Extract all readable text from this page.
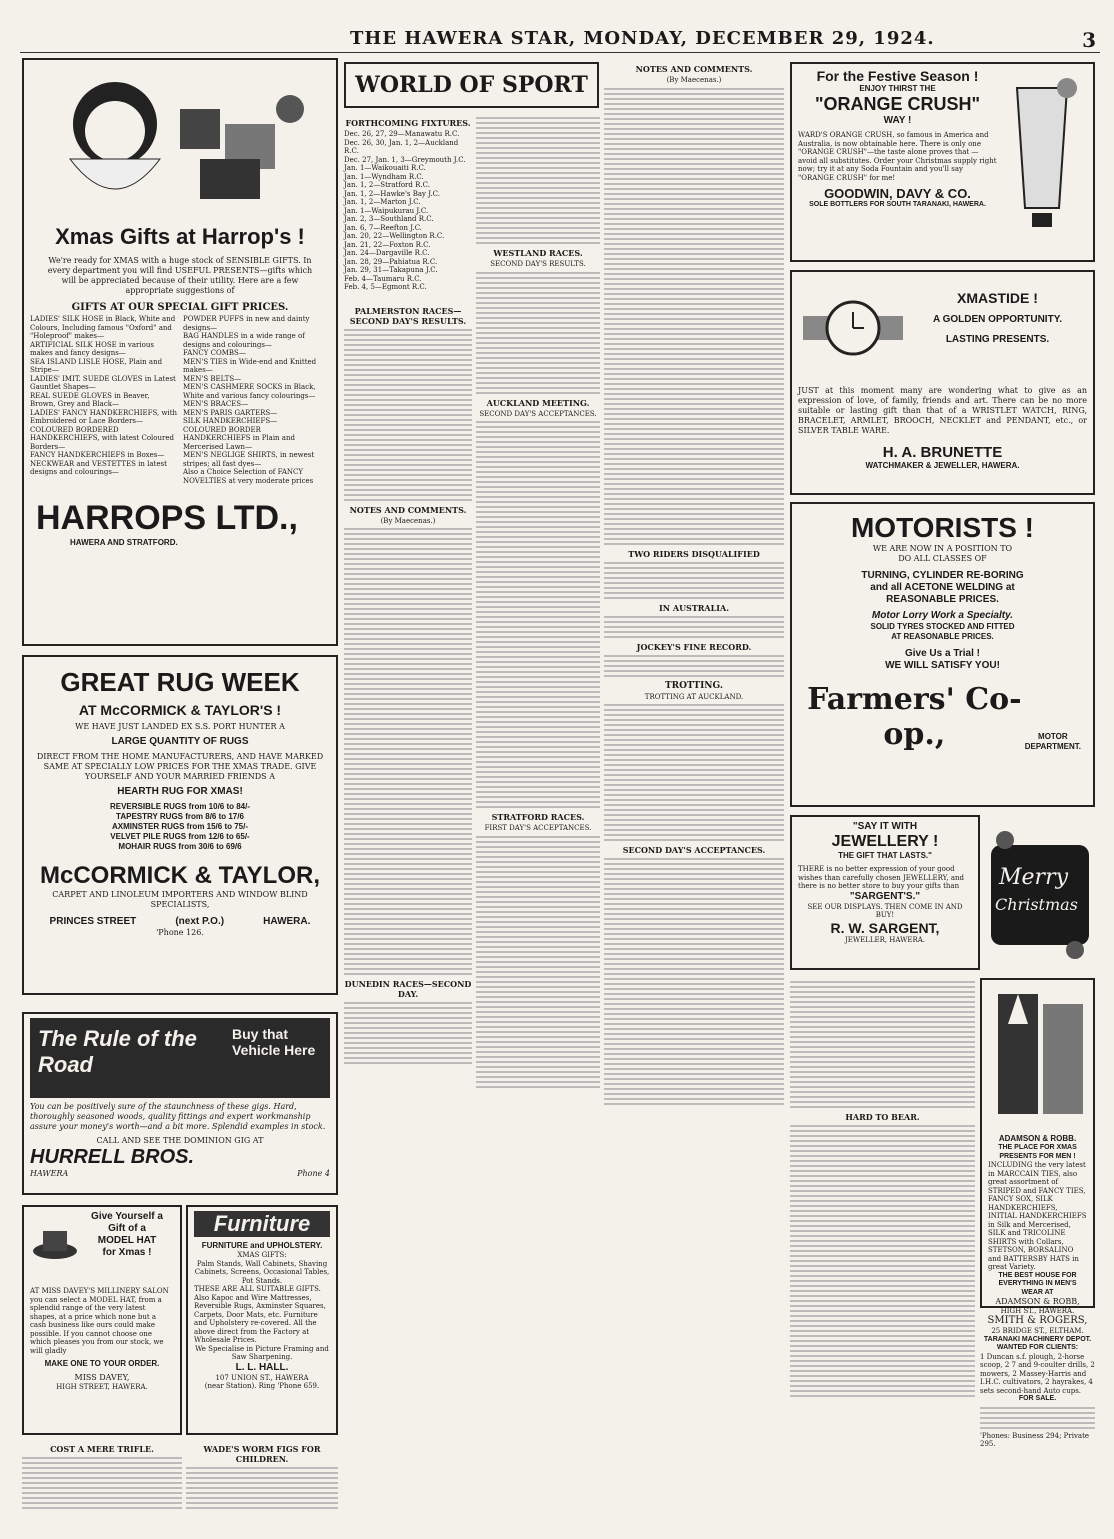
THE HAWERA STAR, MONDAY, DECEMBER 29, 1924.	3
Xmas Gifts at Harrop's !
We're ready for XMAS with a huge stock of SENSIBLE GIFTS. In every department you will find USEFUL PRESENTS—gifts which will be appreciated because of their utility. Here are a few appropriate suggestions of
GIFTS AT OUR SPECIAL GIFT PRICES.
LADIES' SILK HOSE in Black, White and Colours, Including famous "Oxford" and "Holeproof" makes—
ARTIFICIAL SILK HOSE in various makes and fancy designs—
SEA ISLAND LISLE HOSE, Plain and Stripe—
LADIES' IMIT. SUEDE GLOVES in Latest Gauntlet Shapes—
REAL SUEDE GLOVES in Beaver, Brown, Grey and Black—
LADIES' FANCY HANDKERCHIEFS, with Embroidered or Lace Borders—
COLOURED BORDERED HANDKERCHIEFS, with latest Coloured Borders—
FANCY HANDKERCHIEFS in Boxes—
NECKWEAR and VESTETTES in latest designs and colourings—
POWDER PUFFS in new and dainty designs—
BAG HANDLES in a wide range of designs and colourings—
FANCY COMBS—
MEN'S TIES in Wide-end and Knitted makes—
MEN'S BELTS—
MEN'S CASHMERE SOCKS in Black, White and various fancy colourings—
MEN'S BRACES—
MEN'S PARIS GARTERS—
SILK HANDKERCHIEFS—
COLOURED BORDER HANDKERCHIEFS in Plain and Mercerised Lawn—
MEN'S NEGLIGE SHIRTS, in newest stripes; all fast dyes—
Also a Choice Selection of FANCY NOVELTIES at very moderate prices
HARROPS LTD.,
HAWERA AND STRATFORD.
GREAT RUG WEEK
AT McCORMICK & TAYLOR'S !
WE HAVE JUST LANDED EX S.S. PORT HUNTER A
LARGE QUANTITY OF RUGS
DIRECT FROM THE HOME MANUFACTURERS, AND HAVE MARKED SAME AT SPECIALLY LOW PRICES FOR THE XMAS TRADE. GIVE YOURSELF AND YOUR MARRIED FRIENDS A
HEARTH RUG FOR XMAS!
REVERSIBLE RUGS from 10/6 to 84/-
TAPESTRY RUGS from 8/6 to 17/6
AXMINSTER RUGS from 15/6 to 75/-
VELVET PILE RUGS from 12/6 to 65/-
MOHAIR RUGS from 30/6 to 69/6
McCORMICK & TAYLOR,
CARPET AND LINOLEUM IMPORTERS AND WINDOW BLIND SPECIALISTS,
PRINCES STREET	(next P.O.)	HAWERA.
'Phone 126.
The Rule of the Road
Buy that Vehicle Here
You can be positively sure of the staunchness of these gigs. Hard, thoroughly seasoned woods, quality fittings and expert workmanship assure your money's worth—and a bit more. Splendid examples in stock.
CALL AND SEE THE DOMINION GIG AT
HURRELL BROS.
HAWERA	Phone 4
Give Yourself a
Gift of a
MODEL HAT
for Xmas !
AT MISS DAVEY'S MILLINERY SALON you can select a MODEL HAT, from a splendid range of the very latest shapes, at a price which none but a cash business like ours could make possible. If you cannot choose one which pleases you from our stock, we will gladly
MAKE ONE TO YOUR ORDER.
MISS DAVEY,
HIGH STREET, HAWERA.
COST A MERE TRIFLE.
Furniture
FURNITURE and UPHOLSTERY.
XMAS GIFTS:
Palm Stands, Wall Cabinets, Shaving Cabinets, Screens, Occasional Tables, Pot Stands.
THESE ARE ALL SUITABLE GIFTS. Also Kapoc and Wire Mattresses, Reversible Rugs, Axminster Squares, Carpets, Door Mats, etc. Furniture and Upholstery re-covered. All the above direct from the Factory at Wholesale Prices.
We Specialise in Picture Framing and Saw Sharpening.
L. L. HALL.
107 UNION ST., HAWERA
(near Station). Ring 'Phone 659.
WADE'S WORM FIGS FOR CHILDREN.
WORLD OF SPORT
FORTHCOMING FIXTURES.
Dec. 26, 27, 29—Manawatu R.C.
Dec. 26, 30, Jan. 1, 2—Auckland R.C.
Dec. 27, Jan. 1, 3—Greymouth J.C.
Jan. 1—Waikouaiti R.C.
Jan. 1—Wyndham R.C.
Jan. 1, 2—Stratford R.C.
Jan. 1, 2—Hawke's Bay J.C.
Jan. 1, 2—Marton J.C.
Jan. 1—Waipukurau J.C.
Jan. 2, 3—Southland R.C.
Jan. 6, 7—Reefton J.C.
Jan. 20, 22—Wellington R.C.
Jan. 21, 22—Foxton R.C.
Jan. 24—Dargaville R.C.
Jan. 28, 29—Pahiatua R.C.
Jan. 29, 31—Takapuna J.C.
Feb. 4—Taumaru R.C.
Feb. 4, 5—Egmont R.C.
PALMERSTON RACES—SECOND DAY'S RESULTS.
NOTES AND COMMENTS.
(By Maecenas.)
DUNEDIN RACES—SECOND DAY.
WESTLAND RACES.
SECOND DAY'S RESULTS.
AUCKLAND MEETING.
SECOND DAY'S ACCEPTANCES.
STRATFORD RACES.
FIRST DAY'S ACCEPTANCES.
NOTES AND COMMENTS.
(By Maecenas.)
TWO RIDERS DISQUALIFIED
IN AUSTRALIA.
JOCKEY'S FINE RECORD.
TROTTING.
TROTTING AT AUCKLAND.
SECOND DAY'S ACCEPTANCES.
For the Festive Season !
ENJOY THIRST THE
"ORANGE CRUSH"
WAY !
WARD'S ORANGE CRUSH, so famous in America and Australia, is now obtainable here. There is only one "ORANGE CRUSH"—the taste alone proves that — avoid all substitutes. Order your Christmas supply right now; try it at any Soda Fountain and you'll say "ORANGE CRUSH" for me!
GOODWIN, DAVY & CO.
SOLE BOTTLERS FOR SOUTH TARANAKI, HAWERA.
XMASTIDE !
A GOLDEN OPPORTUNITY.
LASTING PRESENTS.
JUST at this moment many are wondering what to give as an expression of love, of family, friends and art. There can be no more suitable or lasting gift than that of a WRISTLET WATCH, RING, BRACELET, ARMLET, BROOCH, NECKLET and PENDANT, etc., or SILVER TABLE WARE.
H. A. BRUNETTE
WATCHMAKER & JEWELLER, HAWERA.
MOTORISTS !
WE ARE NOW IN A POSITION TO
DO ALL CLASSES OF
TURNING, CYLINDER RE-BORING
and all ACETONE WELDING at
REASONABLE PRICES.
Motor Lorry Work a Specialty.
SOLID TYRES STOCKED AND FITTED
AT REASONABLE PRICES.
Give Us a Trial !
WE WILL SATISFY YOU!
Farmers' Co-op.,	MOTOR DEPARTMENT.
"SAY IT WITH
JEWELLERY !
THE GIFT THAT LASTS."
THERE is no better expression of your good wishes than carefully chosen JEWELLERY, and there is no better store to buy your gifts than
"SARGENT'S."
SEE OUR DISPLAYS. THEN COME IN AND BUY!
R. W. SARGENT,
JEWELLER, HAWERA.
Merry
Christmas
HARD TO BEAR.
ADAMSON & ROBB.
THE PLACE FOR XMAS PRESENTS FOR MEN !
INCLUDING the very latest in MARCCAIN TIES, also great assortment of STRIPED and FANCY TIES, FANCY SOX, SILK HANDKERCHIEFS, INITIAL HANDKERCHIEFS in Silk and Mercerised, SILK and TRICOLINE SHIRTS with Collars, STETSON, BORSALINO and BATTERSBY HATS in great Variety.
THE BEST HOUSE FOR EVERYTHING IN MEN'S WEAR AT
ADAMSON & ROBB,
HIGH ST., HAWERA.
SMITH & ROGERS,
25 BRIDGE ST., ELTHAM.
TARANAKI MACHINERY DEPOT.
WANTED FOR CLIENTS:
1 Duncan s.f. plough, 2-horse scoop, 2 7 and 9-coulter drills, 2 mowers, 2 Massey-Harris and I.H.C. cultivators, 2 hayrakes, 4 sets second-hand Auto cups.
FOR SALE.
'Phones: Business 294; Private 295.
